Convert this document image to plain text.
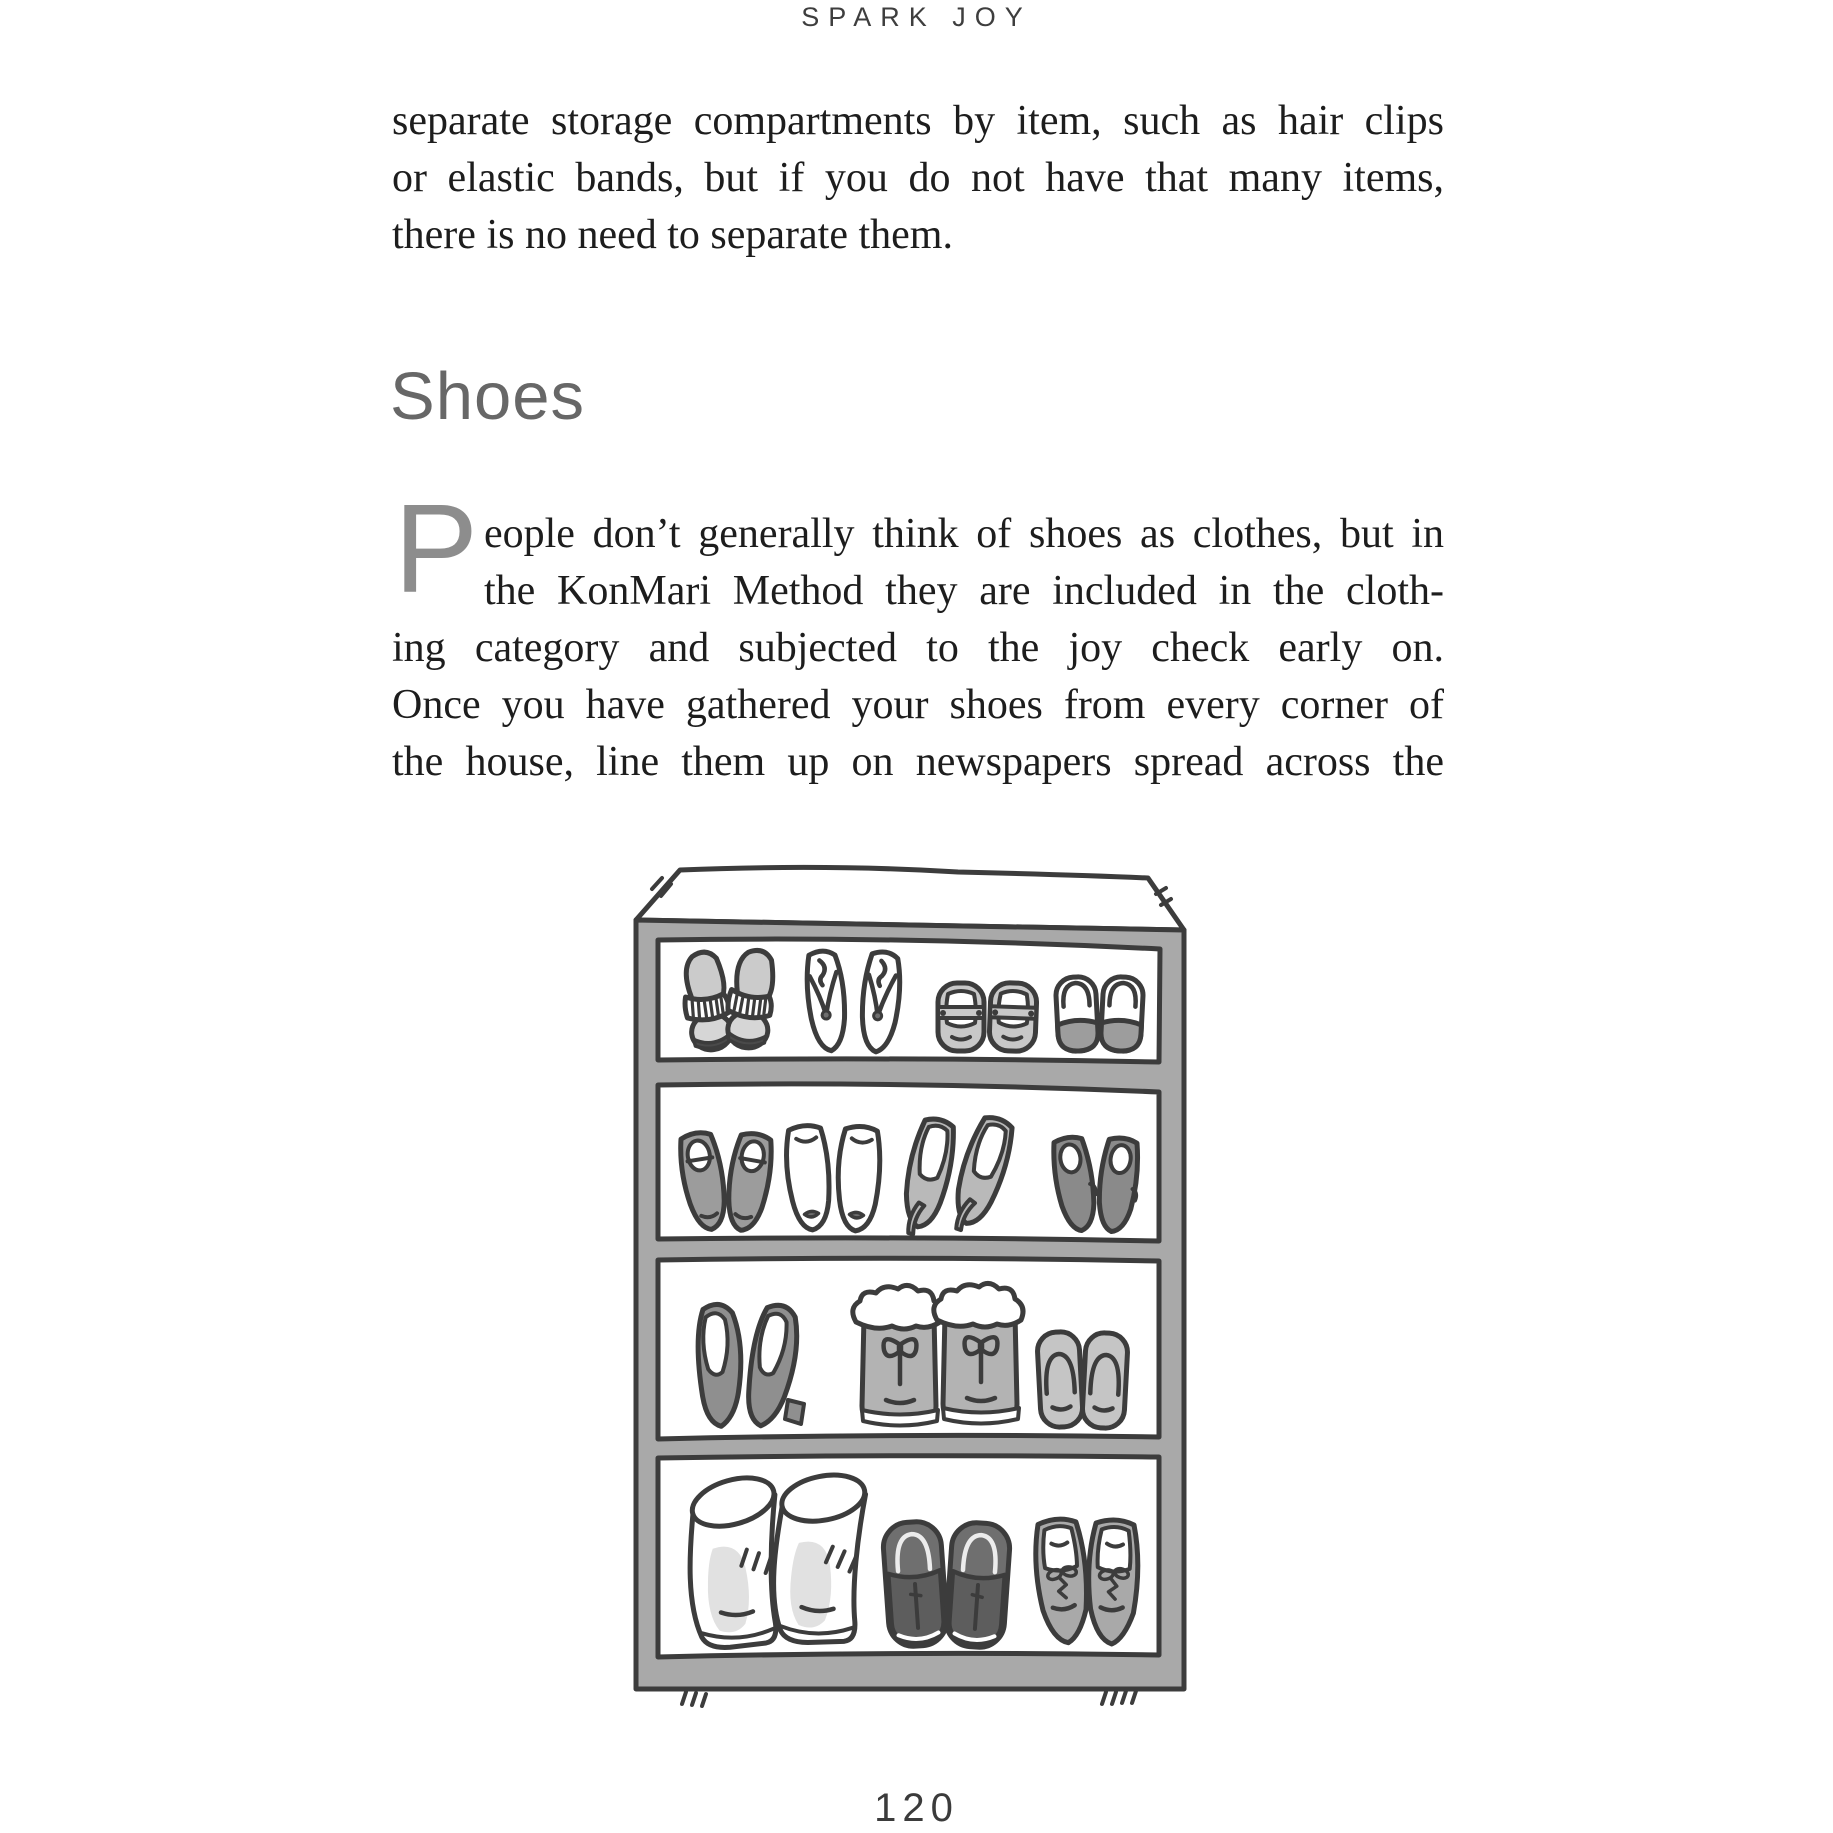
SPARK JOY
separate storage compartments by item, such as hair clips
or elastic bands, but if you do not have that many items,
there is no need to separate them.
Shoes
P eople don’t generally think of shoes as clothes, but in
the KonMari Method they are included in the cloth-
ing category and subjected to the joy check early on.
Once you have gathered your shoes from every corner of
the house, line them up on newspapers spread across the
120
